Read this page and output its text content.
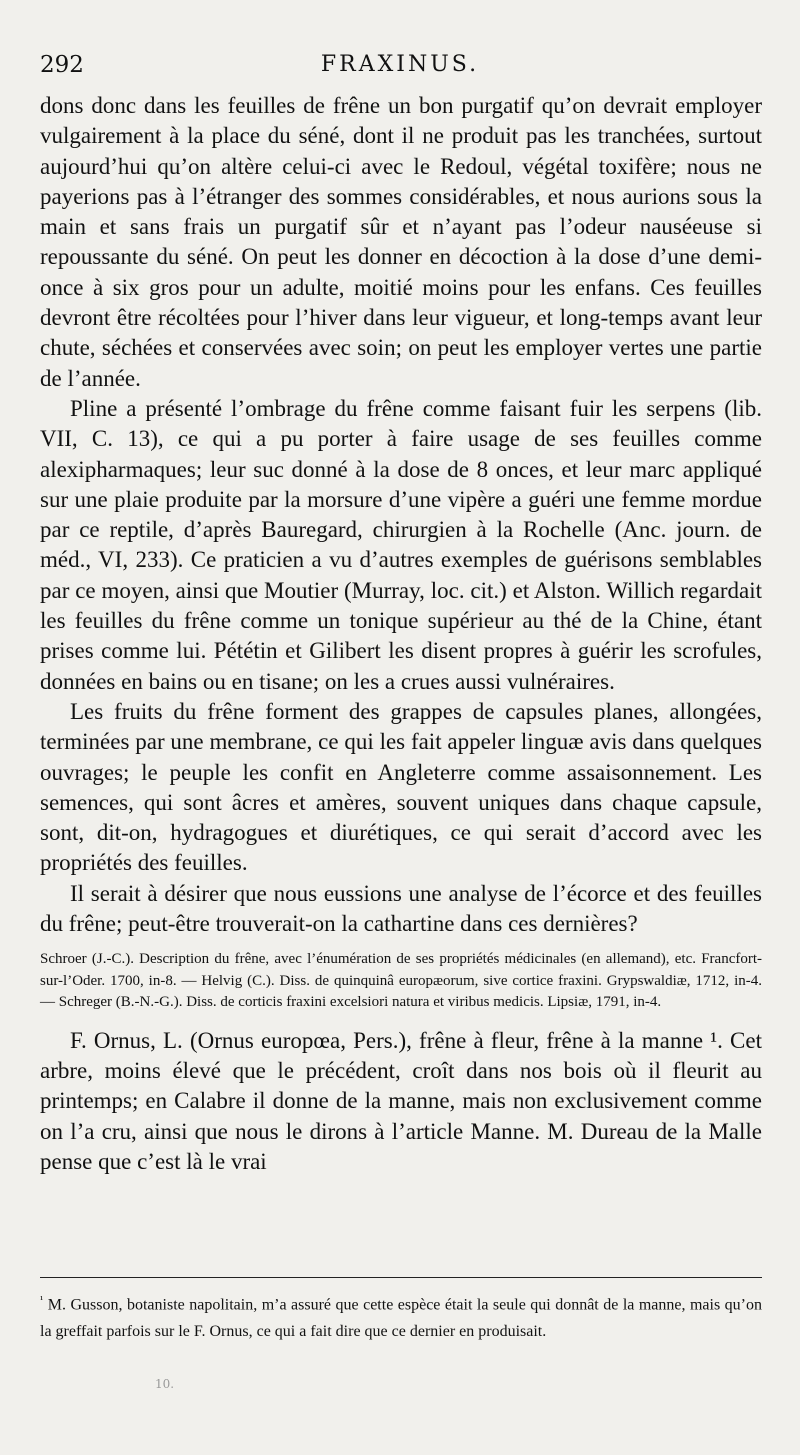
292	FRAXINUS.

dons donc dans les feuilles de frêne un bon purgatif qu’on devrait employer vulgairement à la place du séné, dont il ne produit pas les tranchées, surtout aujourd’hui qu’on altère celui-ci avec le Redoul, végétal toxifère; nous ne payerions pas à l’étranger des sommes considérables, et nous aurions sous la main et sans frais un purgatif sûr et n’ayant pas l’odeur nauséeuse si repoussante du séné. On peut les donner en décoction à la dose d’une demi-once à six gros pour un adulte, moitié moins pour les enfans. Ces feuilles devront être récoltées pour l’hiver dans leur vigueur, et long-temps avant leur chute, séchées et conservées avec soin; on peut les employer vertes une partie de l’année.

Pline a présenté l’ombrage du frêne comme faisant fuir les serpens (lib. VII, C. 13), ce qui a pu porter à faire usage de ses feuilles comme alexipharmaques; leur suc donné à la dose de 8 onces, et leur marc appliqué sur une plaie produite par la morsure d’une vipère a guéri une femme mordue par ce reptile, d’après Bauregard, chirurgien à la Rochelle (Anc. journ. de méd., VI, 233). Ce praticien a vu d’autres exemples de guérisons semblables par ce moyen, ainsi que Moutier (Murray, loc. cit.) et Alston. Willich regardait les feuilles du frêne comme un tonique supérieur au thé de la Chine, étant prises comme lui. Pététin et Gilibert les disent propres à guérir les scrofules, données en bains ou en tisane; on les a crues aussi vulnéraires.

Les fruits du frêne forment des grappes de capsules planes, allongées, terminées par une membrane, ce qui les fait appeler linguæ avis dans quelques ouvrages; le peuple les confit en Angleterre comme assaisonnement. Les semences, qui sont âcres et amères, souvent uniques dans chaque capsule, sont, dit-on, hydragogues et diurétiques, ce qui serait d’accord avec les propriétés des feuilles.

Il serait à désirer que nous eussions une analyse de l’écorce et des feuilles du frêne; peut-être trouverait-on la cathartine dans ces dernières?

Schroer (J.-C.). Description du frêne, avec l’énumération de ses propriétés médicinales (en allemand), etc. Francfort-sur-l’Oder. 1700, in-8. — Helvig (C.). Diss. de quinquinâ europæorum, sive cortice fraxini. Grypswaldiæ, 1712, in-4. — Schreger (B.-N.-G.). Diss. de corticis fraxini excelsiori natura et viribus medicis. Lipsiæ, 1791, in-4.

F. Ornus, L. (Ornus europœa, Pers.), frêne à fleur, frêne à la manne ¹. Cet arbre, moins élevé que le précédent, croît dans nos bois où il fleurit au printemps; en Calabre il donne de la manne, mais non exclusivement comme on l’a cru, ainsi que nous le dirons à l’article Manne. M. Dureau de la Malle pense que c’est là le vrai

$^{^1}$ M. Gusson, botaniste napolitain, m’a assuré que cette espèce était la seule qui donnât de la manne, mais qu’on la greffait parfois sur le F. Ornus, ce qui a fait dire que ce dernier en produisait.
10.
